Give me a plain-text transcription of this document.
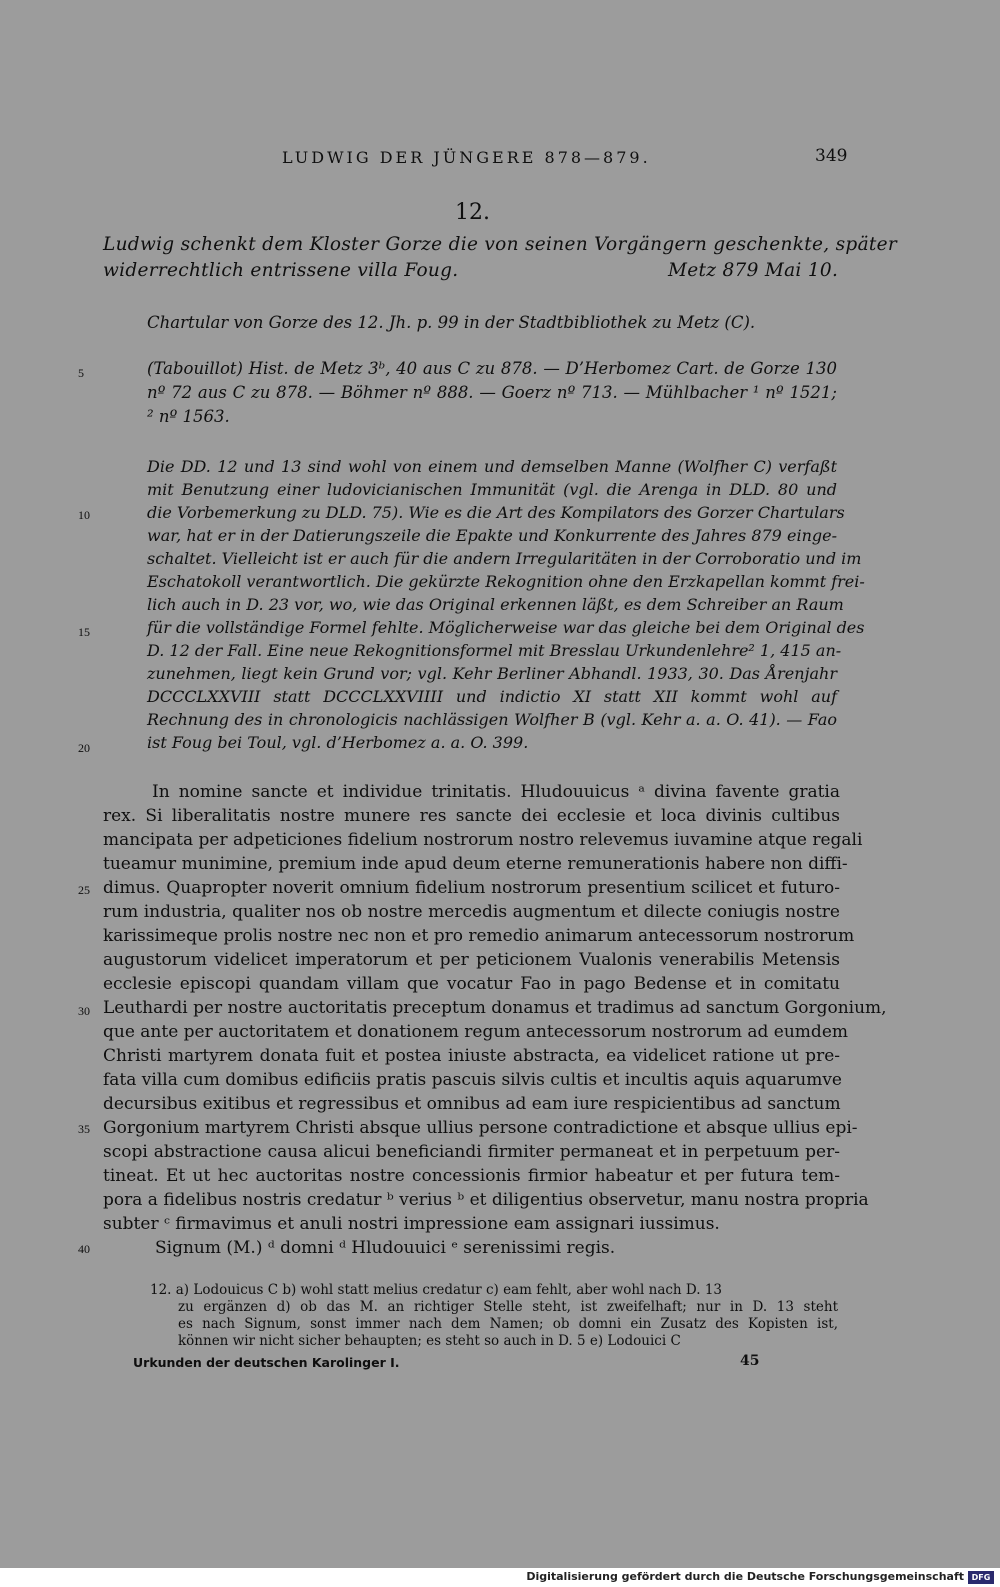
LUDWIG DER JÜNGERE 878—879.	349
12.
Ludwig schenkt dem Kloster Gorze die von seinen Vorgängern geschenkte, später
widerrechtlich entrissene villa Foug.	Metz 879 Mai 10.
Chartular von Gorze des 12. Jh. p. 99 in der Stadtbibliothek zu Metz (C).
(Tabouillot) Hist. de Metz 3ᵇ, 40 aus C zu 878. — D’Herbomez Cart. de Gorze 130
nº 72 aus C zu 878. — Böhmer nº 888. — Goerz nº 713. — Mühlbacher ¹ nº 1521;
² nº 1563.
Die DD. 12 und 13 sind wohl von einem und demselben Manne (Wolfher C) verfaßt
mit Benutzung einer ludovicianischen Immunität (vgl. die Arenga in DLD. 80 und
die Vorbemerkung zu DLD. 75). Wie es die Art des Kompilators des Gorzer Chartulars
war, hat er in der Datierungszeile die Epakte und Konkurrente des Jahres 879 einge-
schaltet. Vielleicht ist er auch für die andern Irregularitäten in der Corroboratio und im
Eschatokoll verantwortlich. Die gekürzte Rekognition ohne den Erzkapellan kommt frei-
lich auch in D. 23 vor, wo, wie das Original erkennen läßt, es dem Schreiber an Raum
für die vollständige Formel fehlte. Möglicherweise war das gleiche bei dem Original des
D. 12 der Fall. Eine neue Rekognitionsformel mit Bresslau Urkundenlehre² 1, 415 an-
zunehmen, liegt kein Grund vor; vgl. Kehr Berliner Abhandl. 1933, 30. Das Årenjahr
DCCCLXXVIII statt DCCCLXXVIIII und indictio XI statt XII kommt wohl auf
Rechnung des in chronologicis nachlässigen Wolfher B (vgl. Kehr a. a. O. 41). — Fao
ist Foug bei Toul, vgl. d’Herbomez a. a. O. 399.
In nomine sancte et individue trinitatis. Hludouuicus ᵃ divina favente gratia
rex. Si liberalitatis nostre munere res sancte dei ecclesie et loca divinis cultibus
mancipata per adpeticiones fidelium nostrorum nostro relevemus iuvamine atque regali
tueamur munimine, premium inde apud deum eterne remunerationis habere non diffi-
dimus. Quapropter noverit omnium fidelium nostrorum presentium scilicet et futuro-
rum industria, qualiter nos ob nostre mercedis augmentum et dilecte coniugis nostre
karissimeque prolis nostre nec non et pro remedio animarum antecessorum nostrorum
augustorum videlicet imperatorum et per peticionem Vualonis venerabilis Metensis
ecclesie episcopi quandam villam que vocatur Fao in pago Bedense et in comitatu
Leuthardi per nostre auctoritatis preceptum donamus et tradimus ad sanctum Gorgonium,
que ante per auctoritatem et donationem regum antecessorum nostrorum ad eumdem
Christi martyrem donata fuit et postea iniuste abstracta, ea videlicet ratione ut pre-
fata villa cum domibus edificiis pratis pascuis silvis cultis et incultis aquis aquarumve
decursibus exitibus et regressibus et omnibus ad eam iure respicientibus ad sanctum
Gorgonium martyrem Christi absque ullius persone contradictione et absque ullius epi-
scopi abstractione causa alicui beneficiandi firmiter permaneat et in perpetuum per-
tineat. Et ut hec auctoritas nostre concessionis firmior habeatur et per futura tem-
pora a fidelibus nostris credatur ᵇ verius ᵇ et diligentius observetur, manu nostra propria
subter ᶜ firmavimus et anuli nostri impressione eam assignari iussimus.
Signum (M.) ᵈ domni ᵈ Hludouuici ᵉ serenissimi regis.
5
10
15
20
25
30
35
40
12. a) Lodouicus C b) wohl statt melius credatur c) eam fehlt, aber wohl nach D. 13
zu ergänzen d) ob das M. an richtiger Stelle steht, ist zweifelhaft; nur in D. 13 steht
es nach Signum, sonst immer nach dem Namen; ob domni ein Zusatz des Kopisten ist,
können wir nicht sicher behaupten; es steht so auch in D. 5 e) Lodouici C
Urkunden der deutschen Karolinger I.	45
Digitalisierung gefördert durch die Deutsche Forschungsgemeinschaft DFG
